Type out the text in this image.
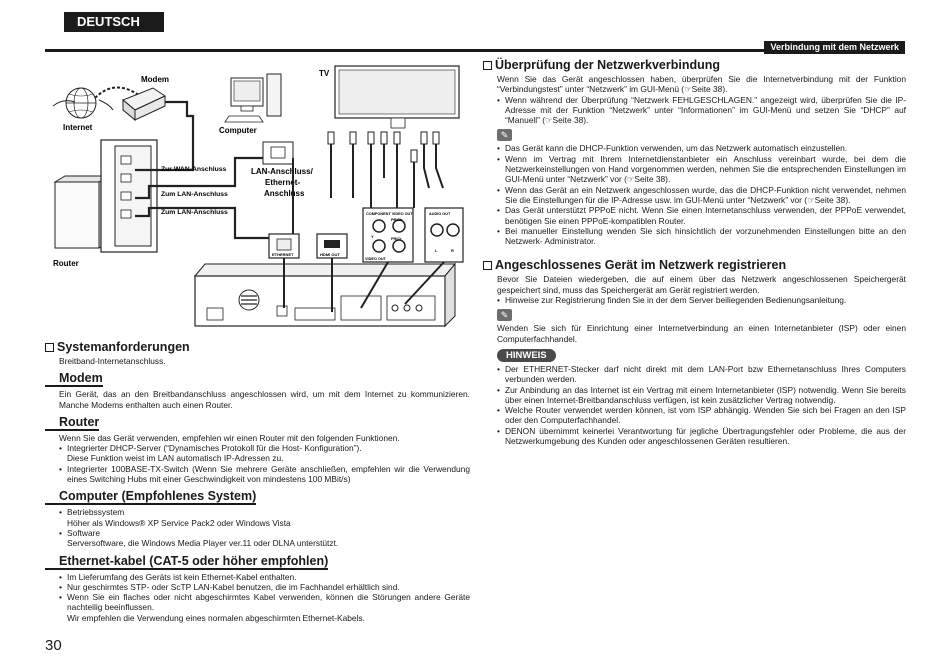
DEUTSCH
Verbindung mit dem Netzwerk
Internet
Modem
Computer
LAN-Anschluss/
Ethernet-
Anschluss
Router
Zur WAN-Anschluss
Zum LAN-Anschluss
Zum LAN-Anschluss
TV
ETHERNET	HDMI OUT
COMPONENT VIDEO OUT
Y
PB/Cb
PR/Cr
VIDEO OUT
AUDIO OUT
L	R
Systemanforderungen

Breitband-Internetanschluss.

Modem

Ein Gerät, das an den Breitbandanschluss angeschlossen wird, um mit dem Internet zu kommunizieren. Manche Modems enthalten auch einen Router.

Router

Wenn Sie das Gerät verwenden, empfehlen wir einen Router mit den folgenden Funktionen.

• Integrierter DHCP-Server (“Dynamisches Protokoll für die Host- Konfiguration”).
Diese Funktion weist im LAN automatisch IP-Adressen zu.
• Integrierter 100BASE-TX-Switch (Wenn Sie mehrere Geräte anschließen, empfehlen wir die Verwendung eines Switching Hubs mit einer Geschwindigkeit von mindestens 100 MBit/s)
Computer (Empfohlenes System)
• Betriebssystem
Höher als Windows® XP Service Pack2 oder Windows Vista
• Software
Serversoftware, die Windows Media Player ver.11 oder DLNA unterstützt.
Ethernet-kabel (CAT-5 oder höher empfohlen)
• Im Lieferumfang des Geräts ist kein Ethernet-Kabel enthalten.
• Nur geschirmtes STP- oder ScTP LAN-Kabel benutzen, die im Fachhandel erhältlich sind.
• Wenn Sie ein flaches oder nicht abgeschirmtes Kabel verwenden, können die Störungen andere Geräte nachteilig beeinflussen.
Wir empfehlen die Verwendung eines normalen abgeschirmten Ethernet-Kabels.
Überprüfung der Netzwerkverbindung

Wenn Sie das Gerät angeschlossen haben, überprüfen Sie die Internetverbindung mit der Funktion “Verbindungstest” unter “Netzwerk” im GUI-Menü (☞Seite 38).

• Wenn während der Überprüfung “Netzwerk FEHLGESCHLAGEN.” angezeigt wird, überprüfen Sie die IP-Adresse mit der Funktion “Netzwerk” unter “Informationen” im GUI-Menü und setzen Sie “DHCP” auf “Manuell” (☞Seite 38).
✎
• Das Gerät kann die DHCP-Funktion verwenden, um das Netzwerk automatisch einzustellen.
• Wenn im Vertrag mit Ihrem Internetdienstanbieter ein Anschluss vereinbart wurde, bei dem die Netzwerkeinstellungen von Hand vorgenommen werden, nehmen Sie die entsprechenden Einstellungen im GUI-Menü unter “Netzwerk” vor (☞Seite 38).
• Wenn das Gerät an ein Netzwerk angeschlossen wurde, das die DHCP-Funktion nicht verwendet, nehmen Sie die Einstellungen für die IP-Adresse usw. im GUI-Menü unter “Netzwerk” vor (☞Seite 38).
• Das Gerät unterstützt PPPoE nicht. Wenn Sie einen Internetanschluss verwenden, der PPPoE verwendet, benötigen Sie einen PPPoE-kompatiblen Router.
• Bei manueller Einstellung wenden Sie sich hinsichtlich der vorzunehmenden Einstellungen bitte an den Netzwerk- Administrator.
Angeschlossenes Gerät im Netzwerk registrieren

Bevor Sie Dateien wiedergeben, die auf einem über das Netzwerk angeschlossenen Speichergerät gespeichert sind, muss das Speichergerät am Gerät registriert werden.

• Hinweise zur Registrierung finden Sie in der dem Server beiliegenden Bedienungsanleitung.
✎

Wenden Sie sich für Einrichtung einer Internetverbindung an einen Internetanbieter (ISP) oder einen Computerfachhandel.

HINWEIS
• Der ETHERNET-Stecker darf nicht direkt mit dem LAN-Port bzw Ethernetanschluss Ihres Computers verbunden werden.
• Zur Anbindung an das Internet ist ein Vertrag mit einem Internetanbieter (ISP) notwendig. Wenn Sie bereits über einen Internet-Breitbandanschluss verfügen, ist kein zusätzlicher Vertrag notwendig.
• Welche Router verwendet werden können, ist vom ISP abhängig. Wenden Sie sich bei Fragen an den ISP oder den Computerfachhandel.
• DENON übernimmt keinerlei Verantwortung für jegliche Übertragungsfehler oder Probleme, die aus der Netzwerkumgebung des Kunden oder angeschlossenen Geräten resultieren.
30
